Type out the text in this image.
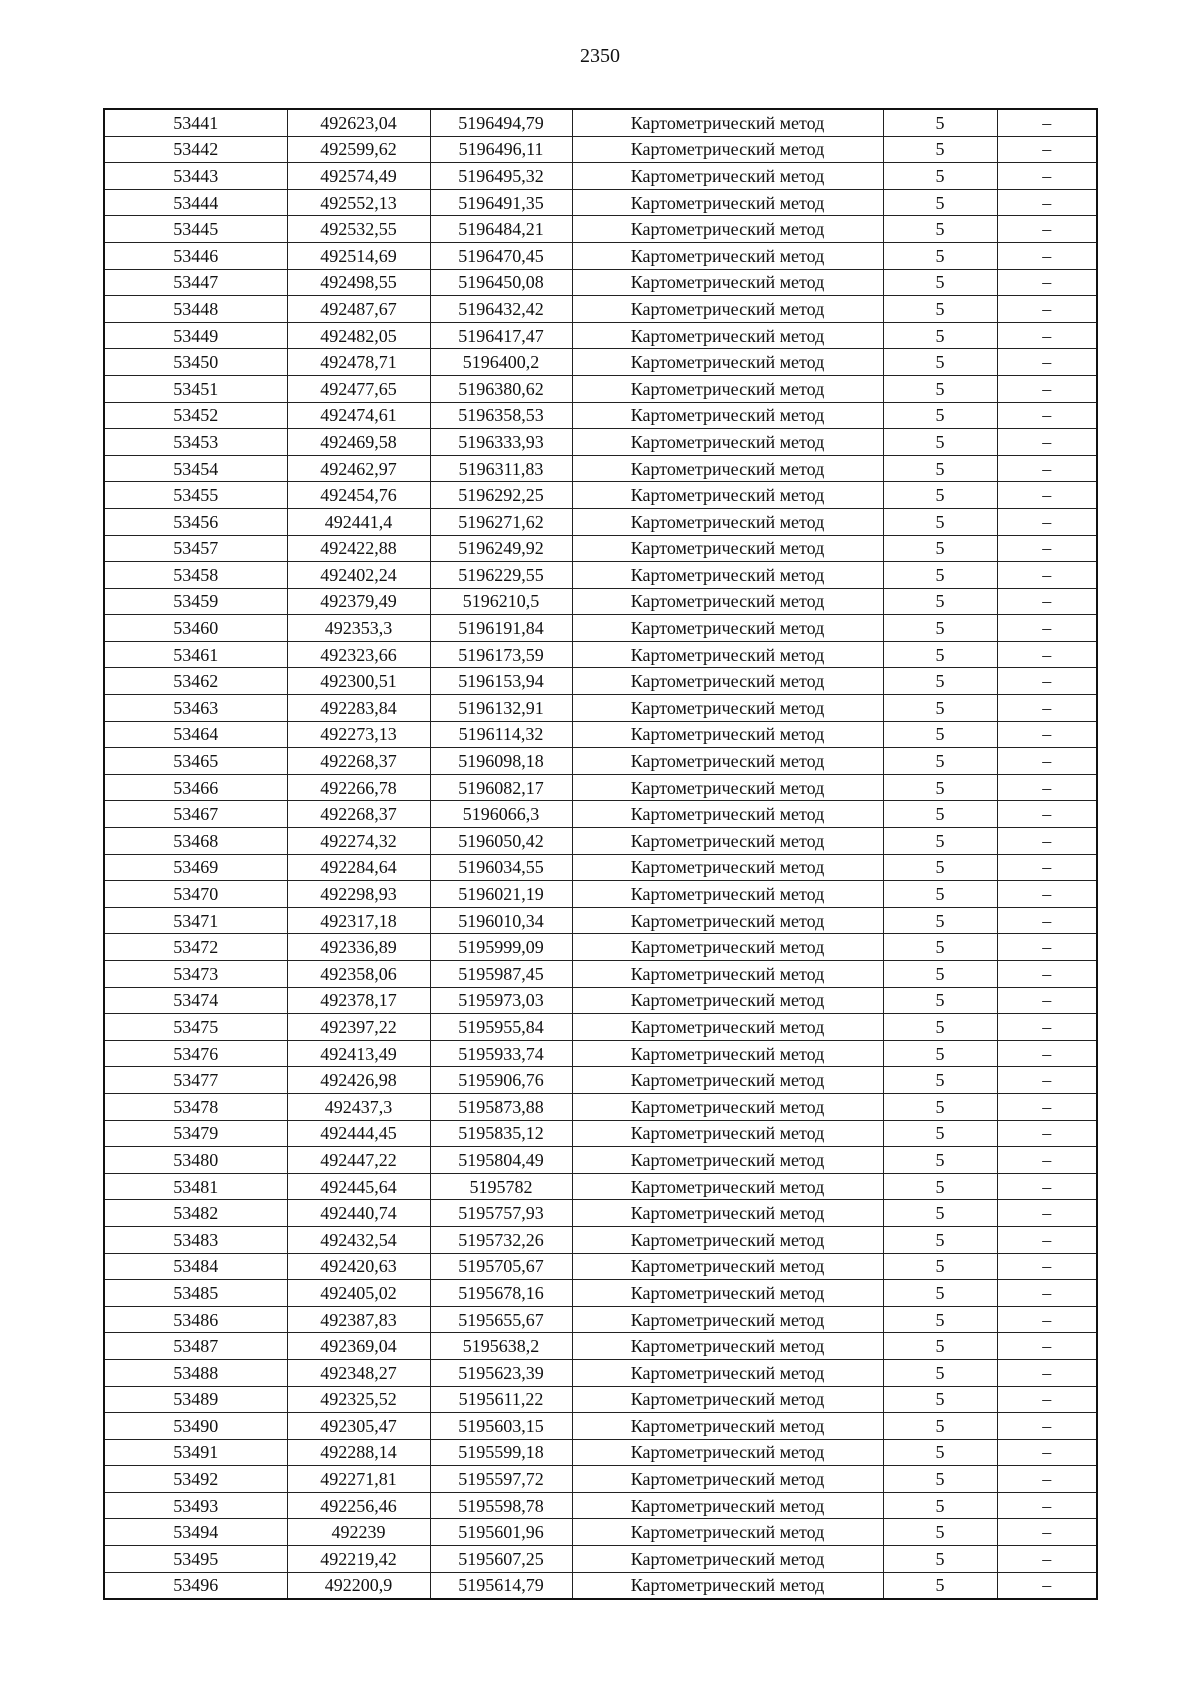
2350
53441	492623,04	5196494,79	Картометрический метод	5	–
53442	492599,62	5196496,11	Картометрический метод	5	–
53443	492574,49	5196495,32	Картометрический метод	5	–
53444	492552,13	5196491,35	Картометрический метод	5	–
53445	492532,55	5196484,21	Картометрический метод	5	–
53446	492514,69	5196470,45	Картометрический метод	5	–
53447	492498,55	5196450,08	Картометрический метод	5	–
53448	492487,67	5196432,42	Картометрический метод	5	–
53449	492482,05	5196417,47	Картометрический метод	5	–
53450	492478,71	5196400,2	Картометрический метод	5	–
53451	492477,65	5196380,62	Картометрический метод	5	–
53452	492474,61	5196358,53	Картометрический метод	5	–
53453	492469,58	5196333,93	Картометрический метод	5	–
53454	492462,97	5196311,83	Картометрический метод	5	–
53455	492454,76	5196292,25	Картометрический метод	5	–
53456	492441,4	5196271,62	Картометрический метод	5	–
53457	492422,88	5196249,92	Картометрический метод	5	–
53458	492402,24	5196229,55	Картометрический метод	5	–
53459	492379,49	5196210,5	Картометрический метод	5	–
53460	492353,3	5196191,84	Картометрический метод	5	–
53461	492323,66	5196173,59	Картометрический метод	5	–
53462	492300,51	5196153,94	Картометрический метод	5	–
53463	492283,84	5196132,91	Картометрический метод	5	–
53464	492273,13	5196114,32	Картометрический метод	5	–
53465	492268,37	5196098,18	Картометрический метод	5	–
53466	492266,78	5196082,17	Картометрический метод	5	–
53467	492268,37	5196066,3	Картометрический метод	5	–
53468	492274,32	5196050,42	Картометрический метод	5	–
53469	492284,64	5196034,55	Картометрический метод	5	–
53470	492298,93	5196021,19	Картометрический метод	5	–
53471	492317,18	5196010,34	Картометрический метод	5	–
53472	492336,89	5195999,09	Картометрический метод	5	–
53473	492358,06	5195987,45	Картометрический метод	5	–
53474	492378,17	5195973,03	Картометрический метод	5	–
53475	492397,22	5195955,84	Картометрический метод	5	–
53476	492413,49	5195933,74	Картометрический метод	5	–
53477	492426,98	5195906,76	Картометрический метод	5	–
53478	492437,3	5195873,88	Картометрический метод	5	–
53479	492444,45	5195835,12	Картометрический метод	5	–
53480	492447,22	5195804,49	Картометрический метод	5	–
53481	492445,64	5195782	Картометрический метод	5	–
53482	492440,74	5195757,93	Картометрический метод	5	–
53483	492432,54	5195732,26	Картометрический метод	5	–
53484	492420,63	5195705,67	Картометрический метод	5	–
53485	492405,02	5195678,16	Картометрический метод	5	–
53486	492387,83	5195655,67	Картометрический метод	5	–
53487	492369,04	5195638,2	Картометрический метод	5	–
53488	492348,27	5195623,39	Картометрический метод	5	–
53489	492325,52	5195611,22	Картометрический метод	5	–
53490	492305,47	5195603,15	Картометрический метод	5	–
53491	492288,14	5195599,18	Картометрический метод	5	–
53492	492271,81	5195597,72	Картометрический метод	5	–
53493	492256,46	5195598,78	Картометрический метод	5	–
53494	492239	5195601,96	Картометрический метод	5	–
53495	492219,42	5195607,25	Картометрический метод	5	–
53496	492200,9	5195614,79	Картометрический метод	5	–
